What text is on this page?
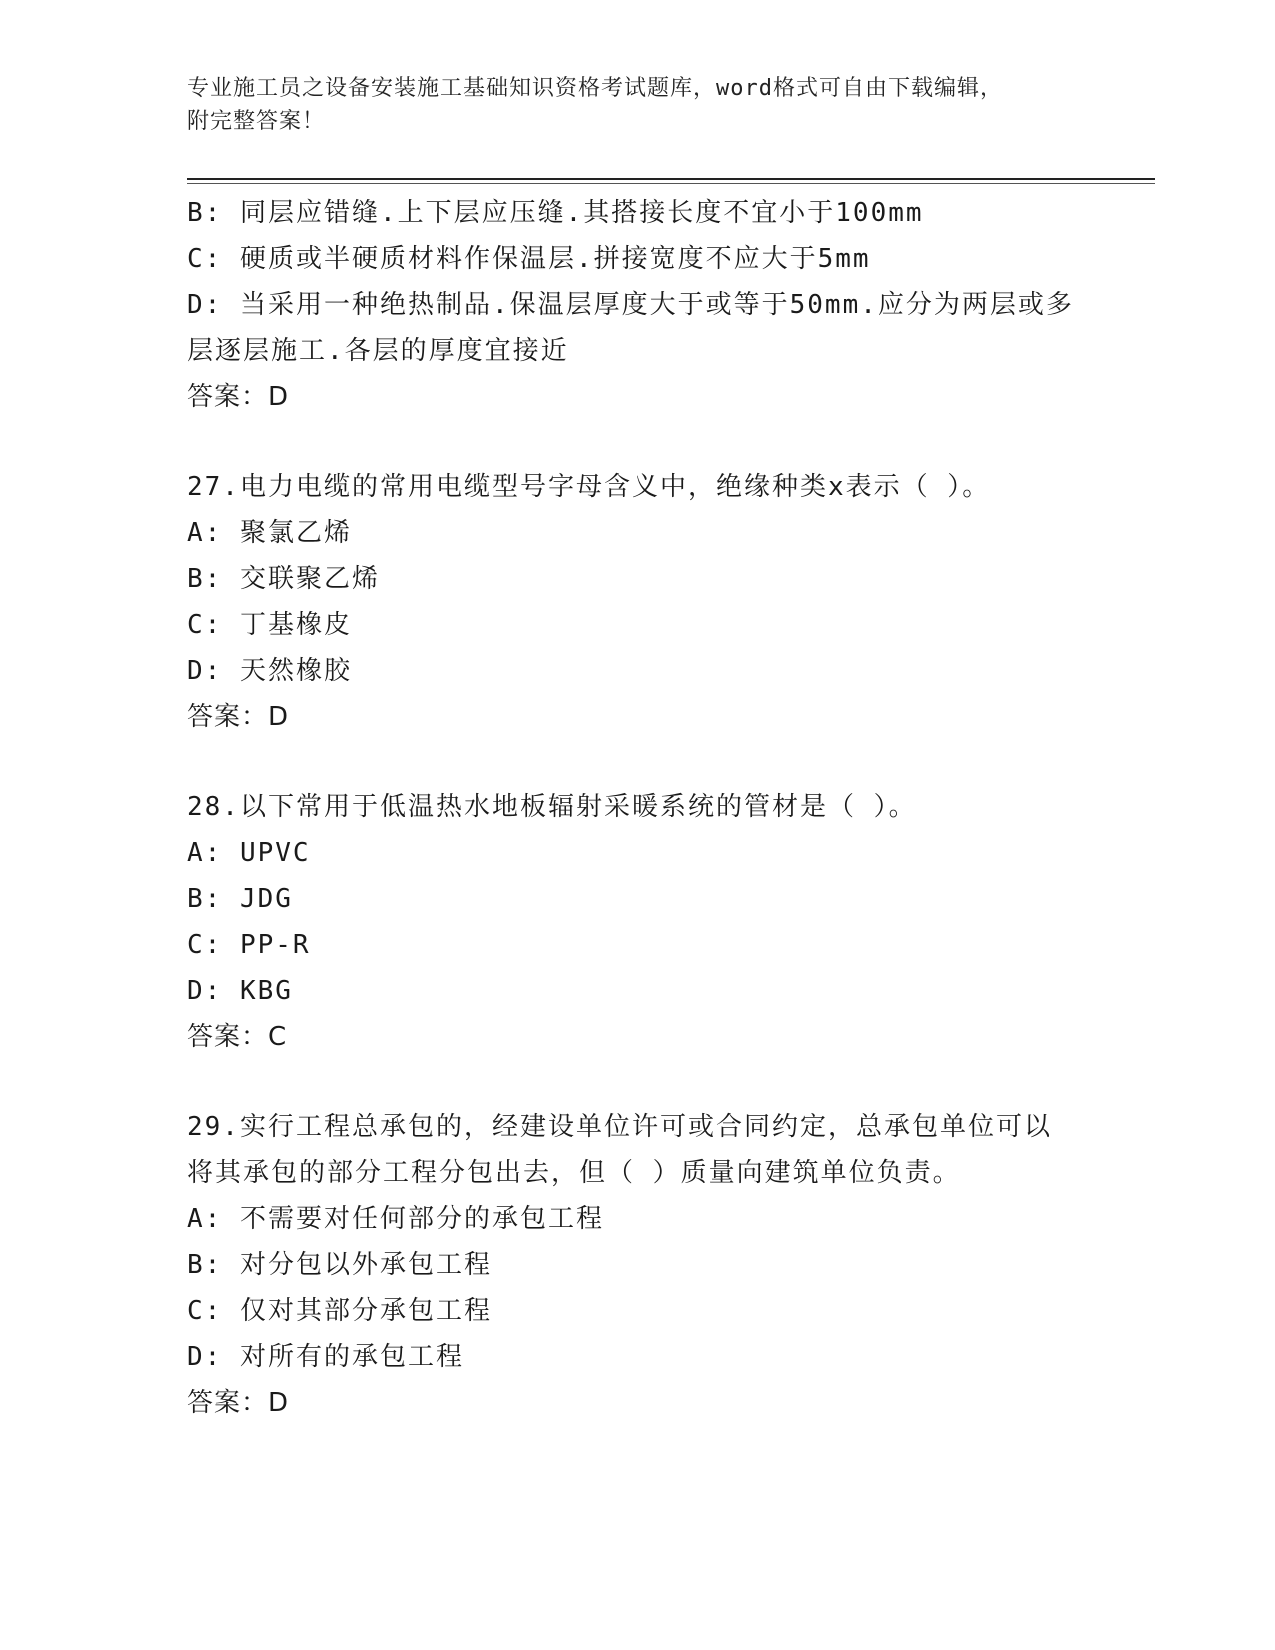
专业施工员之设备安装施工基础知识资格考试题库，word格式可自由下载编辑，
附完整答案！
B: 同层应错缝.上下层应压缝.其搭接长度不宜小于100mm
C: 硬质或半硬质材料作保温层.拼接宽度不应大于5mm
D: 当采用一种绝热制品.保温层厚度大于或等于50mm.应分为两层或多
层逐层施工.各层的厚度宜接近
答案：D
27.电力电缆的常用电缆型号字母含义中，绝缘种类x表示（ ）。
A: 聚氯乙烯
B: 交联聚乙烯
C: 丁基橡皮
D: 天然橡胶
答案：D
28.以下常用于低温热水地板辐射采暖系统的管材是（ ）。
A: UPVC
B: JDG
C: PP-R
D: KBG
答案：C
29.实行工程总承包的，经建设单位许可或合同约定，总承包单位可以
将其承包的部分工程分包出去，但（ ）质量向建筑单位负责。
A: 不需要对任何部分的承包工程
B: 对分包以外承包工程
C: 仅对其部分承包工程
D: 对所有的承包工程
答案：D
